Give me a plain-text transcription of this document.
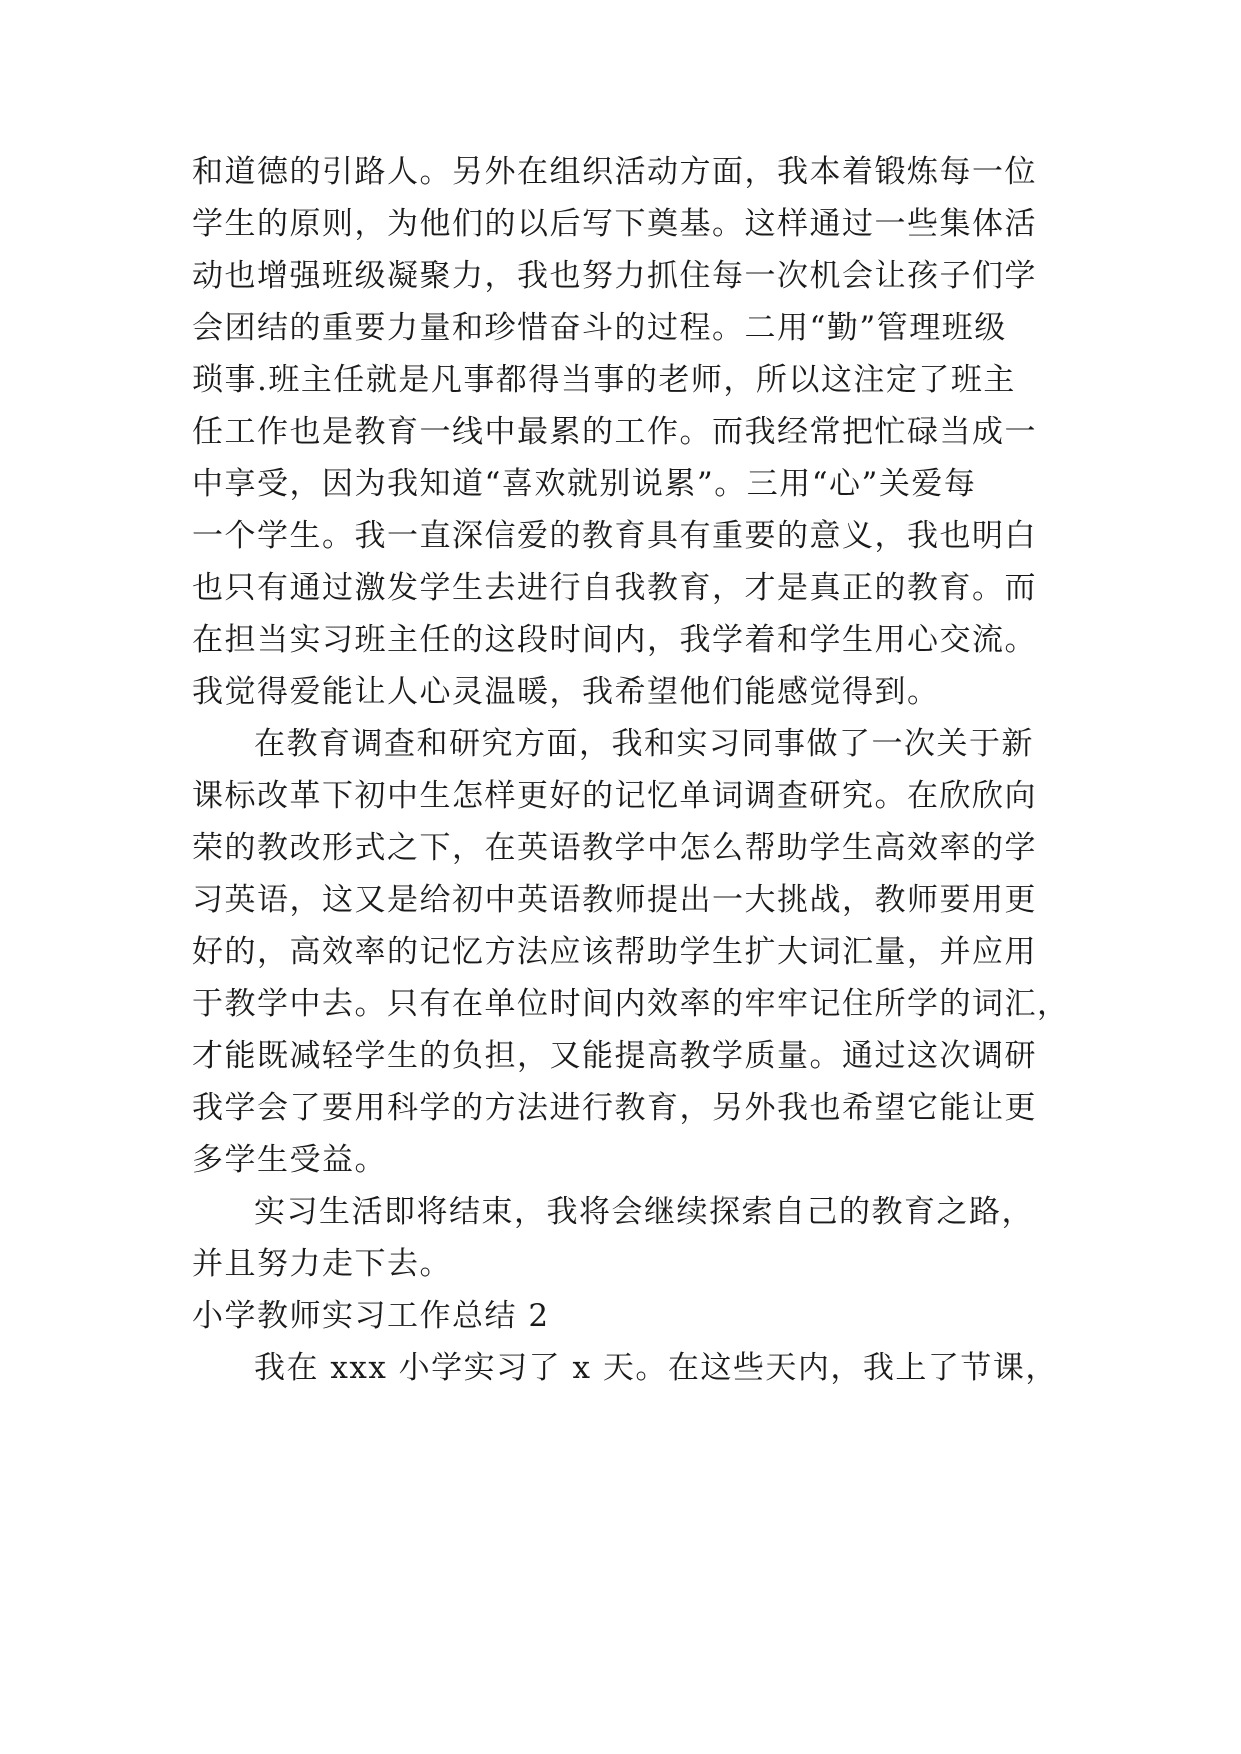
和道德的引路人。另外在组织活动方面，我本着锻炼每一位
学生的原则，为他们的以后写下奠基。这样通过一些集体活
动也增强班级凝聚力，我也努力抓住每一次机会让孩子们学
会团结的重要力量和珍惜奋斗的过程。二用“勤”管理班级
琐事.班主任就是凡事都得当事的老师，所以这注定了班主
任工作也是教育一线中最累的工作。而我经常把忙碌当成一
中享受，因为我知道“喜欢就别说累”。三用“心”关爱每
一个学生。我一直深信爱的教育具有重要的意义，我也明白
也只有通过激发学生去进行自我教育，才是真正的教育。而
在担当实习班主任的这段时间内，我学着和学生用心交流。
我觉得爱能让人心灵温暖，我希望他们能感觉得到。
在教育调查和研究方面，我和实习同事做了一次关于新
课标改革下初中生怎样更好的记忆单词调查研究。在欣欣向
荣的教改形式之下，在英语教学中怎么帮助学生高效率的学
习英语，这又是给初中英语教师提出一大挑战，教师要用更
好的，高效率的记忆方法应该帮助学生扩大词汇量，并应用
于教学中去。只有在单位时间内效率的牢牢记住所学的词汇，
才能既减轻学生的负担，又能提高教学质量。通过这次调研
我学会了要用科学的方法进行教育，另外我也希望它能让更
多学生受益。
实习生活即将结束，我将会继续探索自己的教育之路，
并且努力走下去。
小学教师实习工作总结 2
我在 xxx 小学实习了 x 天。在这些天内，我上了节课，
